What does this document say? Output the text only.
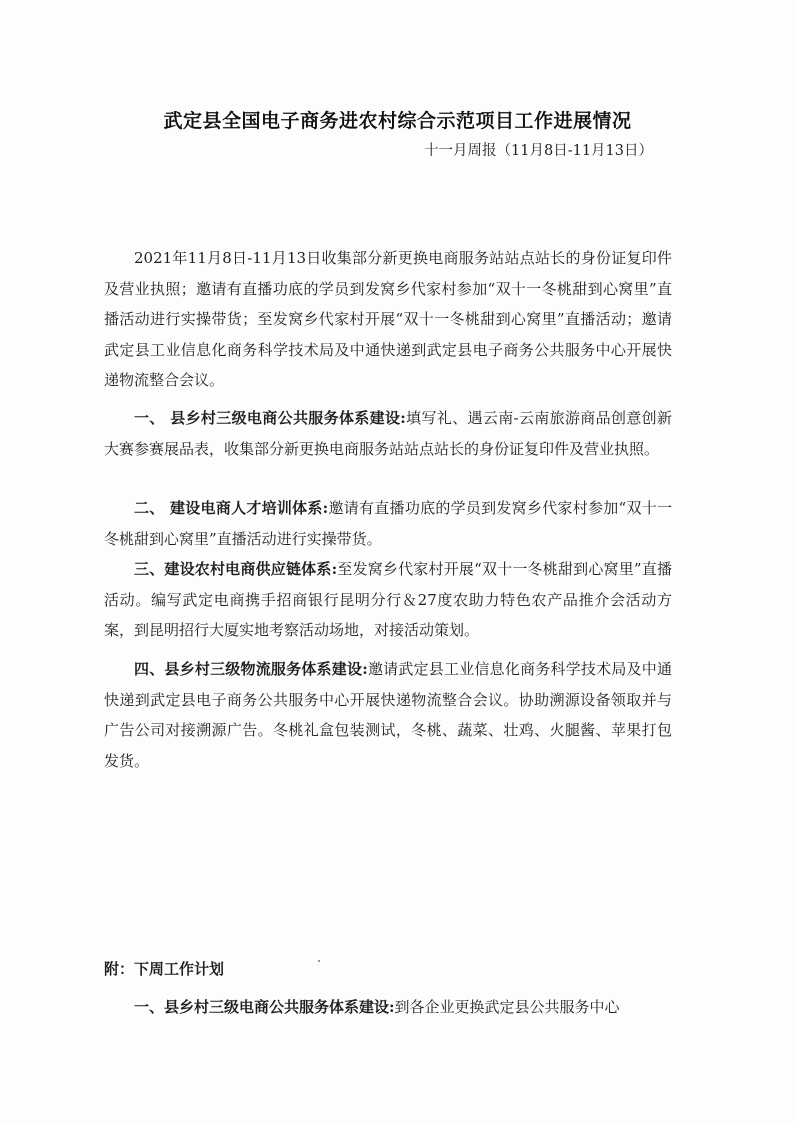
武定县全国电子商务进农村综合示范项目工作进展情况
十一月周报（11月8日-11月13日）

2021年11月8日-11月13日收集部分新更换电商服务站站点站长的身份证复印件及营业执照；邀请有直播功底的学员到发窝乡代家村参加“双十一冬桃甜到心窝里”直播活动进行实操带货；至发窝乡代家村开展“双十一冬桃甜到心窝里”直播活动；邀请武定县工业信息化商务科学技术局及中通快递到武定县电子商务公共服务中心开展快递物流整合会议。

一、 县乡村三级电商公共服务体系建设:填写礼、遇云南-云南旅游商品创意创新大赛参赛展品表，收集部分新更换电商服务站站点站长的身份证复印件及营业执照。

二、 建设电商人才培训体系:邀请有直播功底的学员到发窝乡代家村参加“双十一冬桃甜到心窝里”直播活动进行实操带货。

三、建设农村电商供应链体系:至发窝乡代家村开展“双十一冬桃甜到心窝里”直播活动。编写武定电商携手招商银行昆明分行＆27度农助力特色农产品推介会活动方案，到昆明招行大厦实地考察活动场地，对接活动策划。

四、县乡村三级物流服务体系建设:邀请武定县工业信息化商务科学技术局及中通快递到武定县电子商务公共服务中心开展快递物流整合会议。协助溯源设备领取并与广告公司对接溯源广告。冬桃礼盒包装测试，冬桃、蔬菜、壮鸡、火腿酱、苹果打包发货。

附：下周工作计划

一、县乡村三级电商公共服务体系建设:到各企业更换武定县公共服务中心
